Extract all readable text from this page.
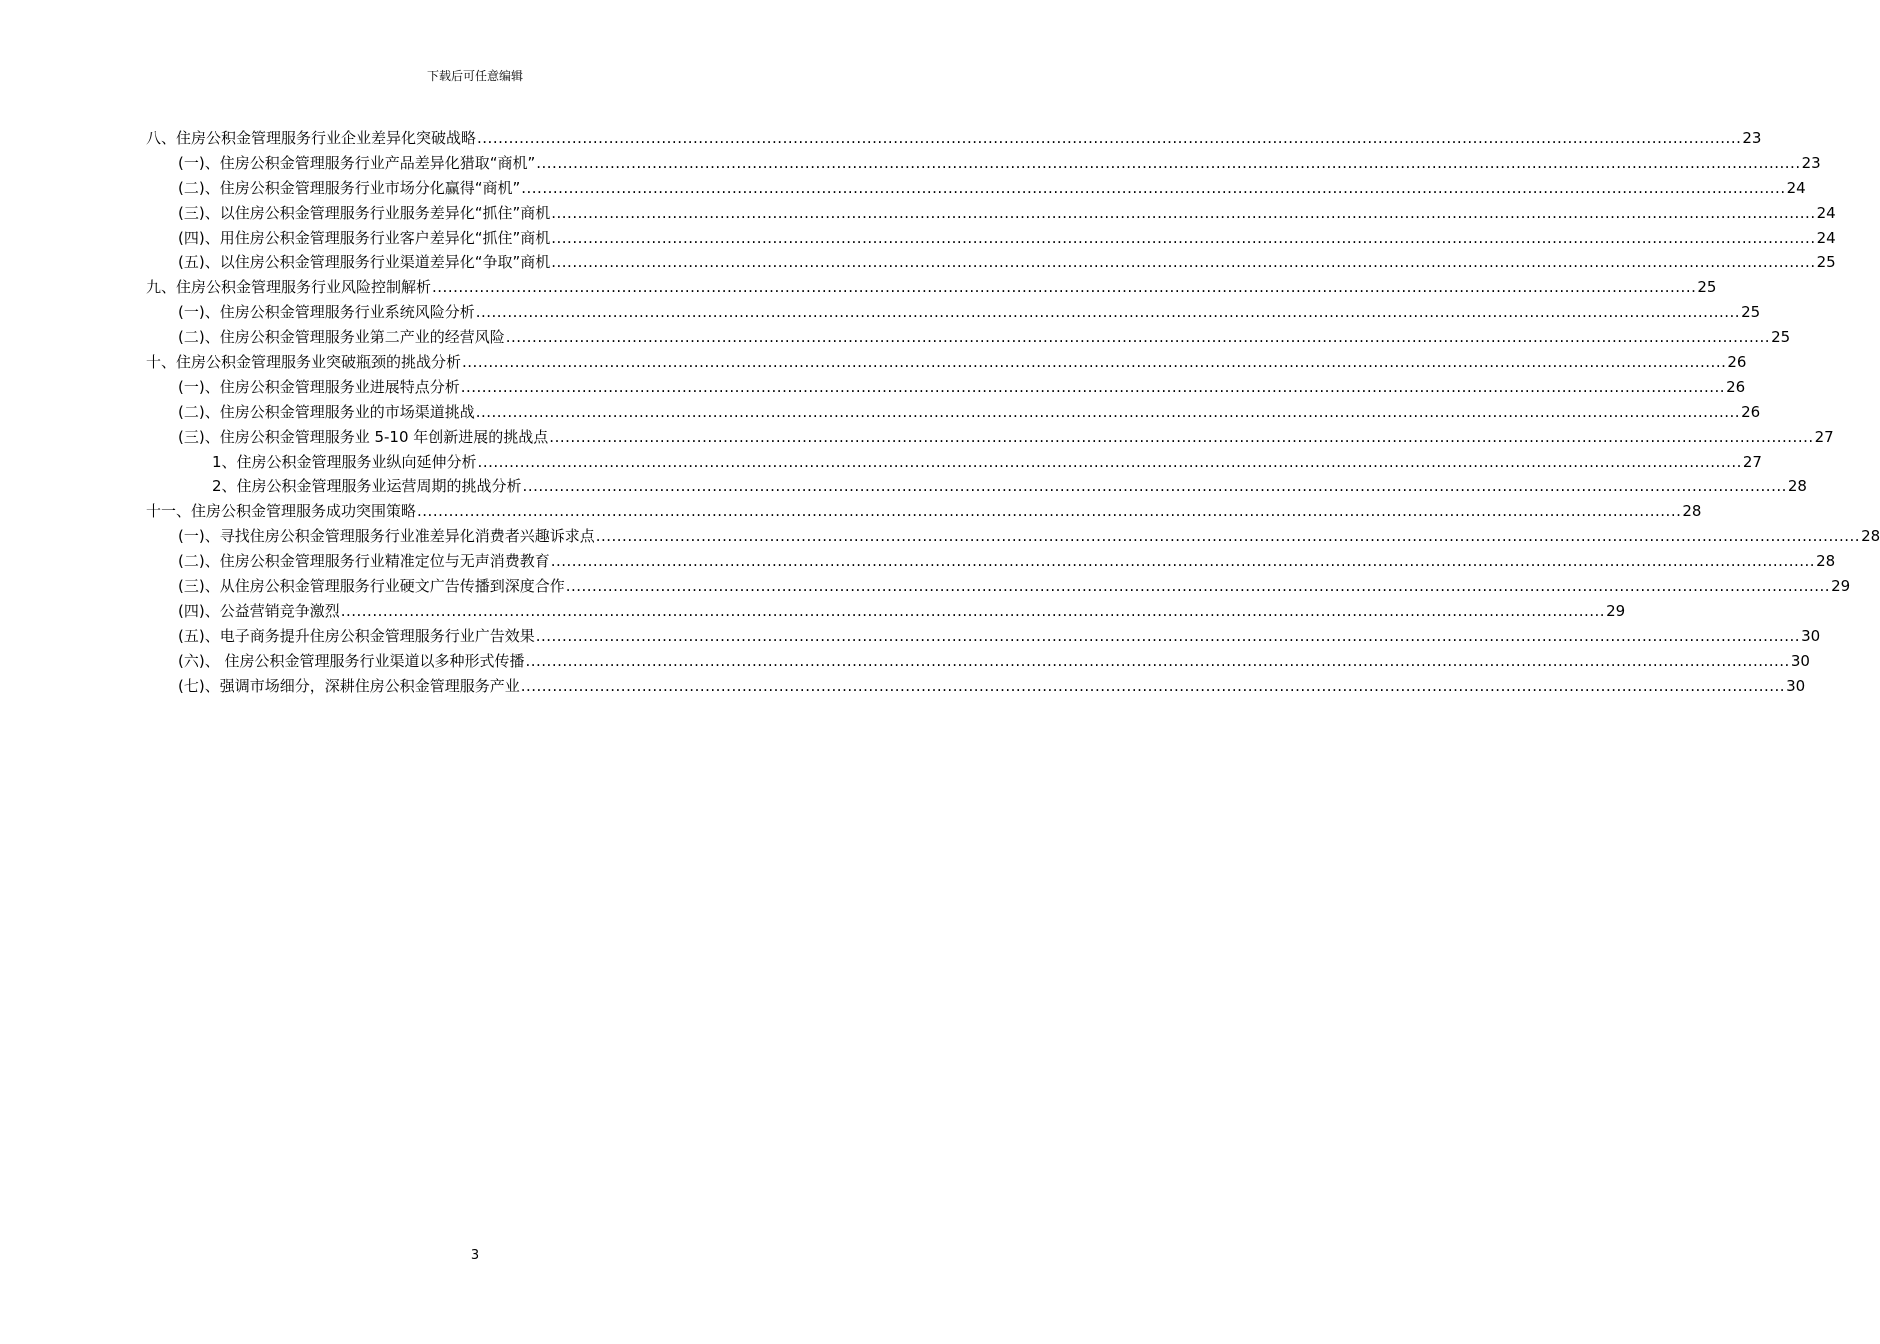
下载后可任意编辑
八、住房公积金管理服务行业企业差异化突破战略 .....	23
(一)、住房公积金管理服务行业产品差异化猎取“商机” .....	23
(二)、住房公积金管理服务行业市场分化赢得“商机” .....	24
(三)、以住房公积金管理服务行业服务差异化“抓住”商机 .....	24
(四)、用住房公积金管理服务行业客户差异化“抓住”商机 .....	24
(五)、以住房公积金管理服务行业渠道差异化“争取”商机 .....	25
九、住房公积金管理服务行业风险控制解析 .....	25
(一)、住房公积金管理服务行业系统风险分析 .....	25
(二)、住房公积金管理服务业第二产业的经营风险 .....	25
十、住房公积金管理服务业突破瓶颈的挑战分析 .....	26
(一)、住房公积金管理服务业进展特点分析 .....	26
(二)、住房公积金管理服务业的市场渠道挑战 .....	26
(三)、住房公积金管理服务业 5-10 年创新进展的挑战点 .....	27
1、住房公积金管理服务业纵向延伸分析 .....	27
2、住房公积金管理服务业运营周期的挑战分析 .....	28
十一、住房公积金管理服务成功突围策略 .....	28
(一)、寻找住房公积金管理服务行业准差异化消费者兴趣诉求点 .....	28
(二)、住房公积金管理服务行业精准定位与无声消费教育 .....	28
(三)、从住房公积金管理服务行业硬文广告传播到深度合作 .....	29
(四)、公益营销竞争激烈 .....	29
(五)、电子商务提升住房公积金管理服务行业广告效果 .....	30
(六)、 住房公积金管理服务行业渠道以多种形式传播 .....	30
(七)、强调市场细分，深耕住房公积金管理服务产业 .....	30
3
